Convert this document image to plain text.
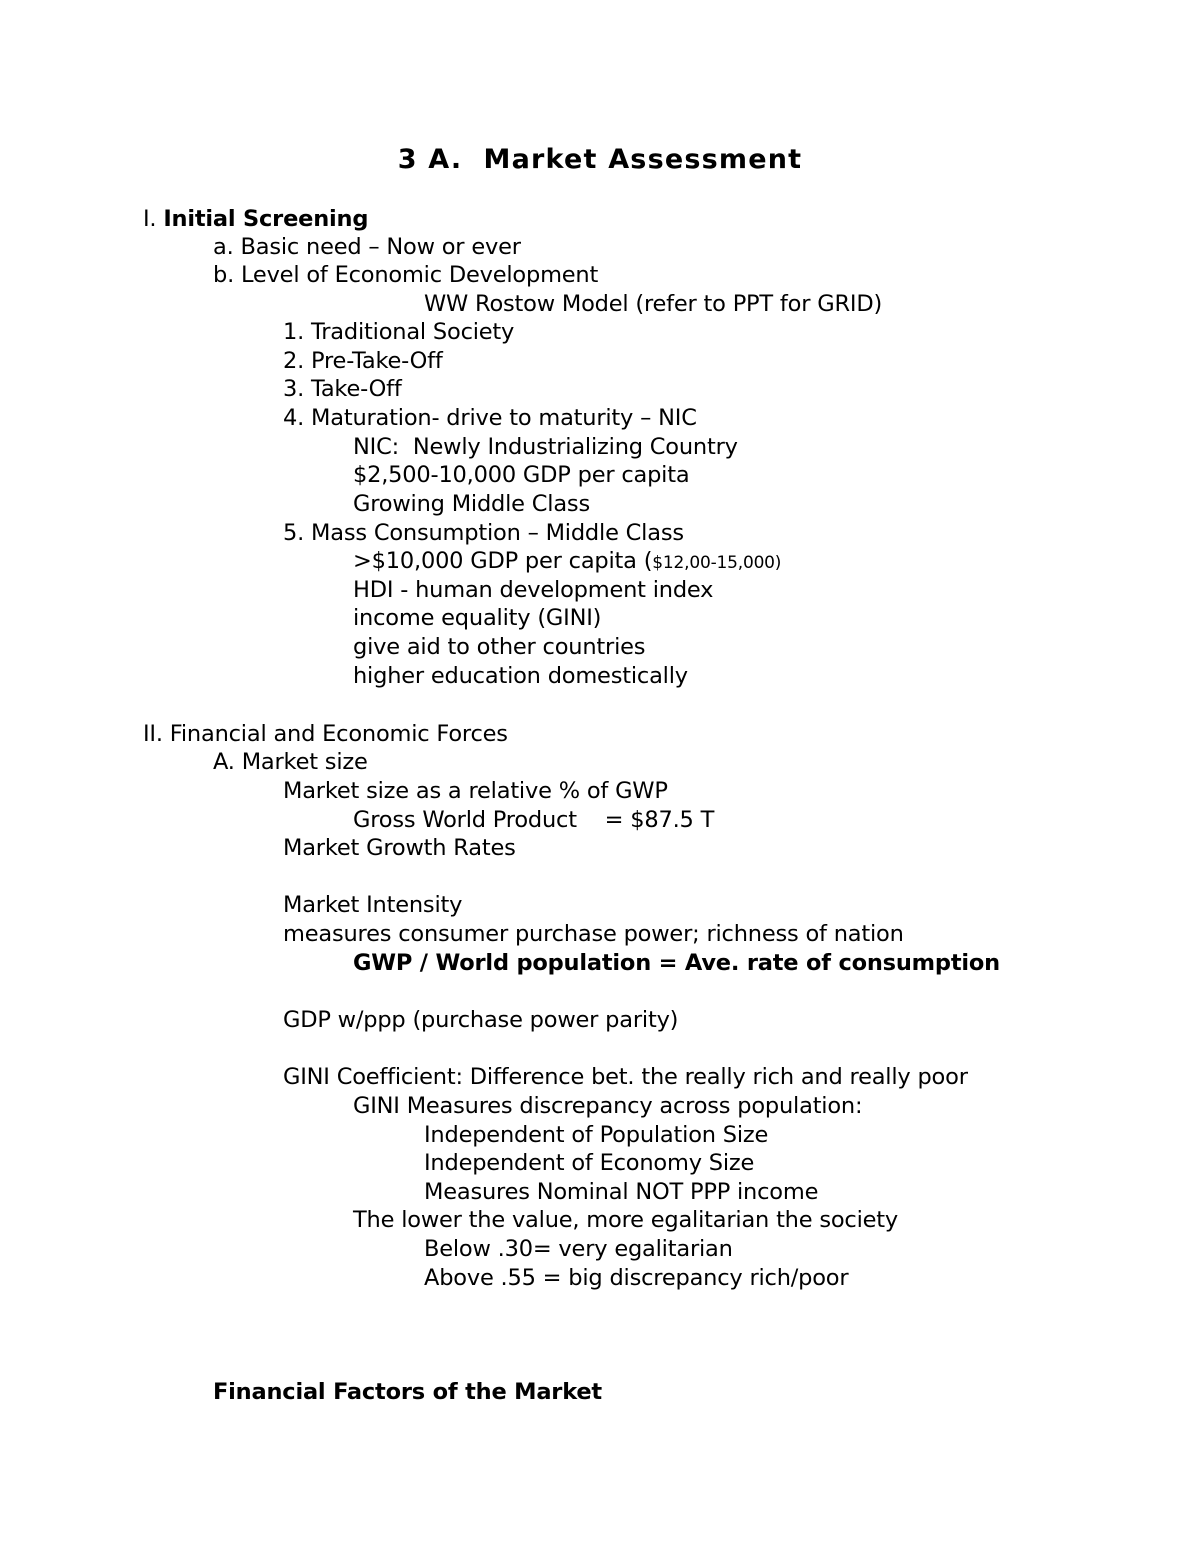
3 A.  Market Assessment
I. Initial Screening
a. Basic need – Now or ever
b. Level of Economic Development
WW Rostow Model (refer to PPT for GRID)
1. Traditional Society
2. Pre-Take-Off
3. Take-Off
4. Maturation- drive to maturity – NIC
NIC:  Newly Industrializing Country
$2,500-10,000 GDP per capita
Growing Middle Class
5. Mass Consumption – Middle Class
>$10,000 GDP per capita ($12,00-15,000)
HDI - human development index
income equality (GINI)
give aid to other countries
higher education domestically
II. Financial and Economic Forces
A. Market size
Market size as a relative % of GWP
Gross World Product    = $87.5 T
Market Growth Rates
Market Intensity
measures consumer purchase power; richness of nation
GWP / World population = Ave. rate of consumption
GDP w/ppp (purchase power parity)
GINI Coefficient: Difference bet. the really rich and really poor
GINI Measures discrepancy across population:
Independent of Population Size
Independent of Economy Size
Measures Nominal NOT PPP income
The lower the value, more egalitarian the society
Below .30= very egalitarian
Above .55 = big discrepancy rich/poor
Financial Factors of the Market
